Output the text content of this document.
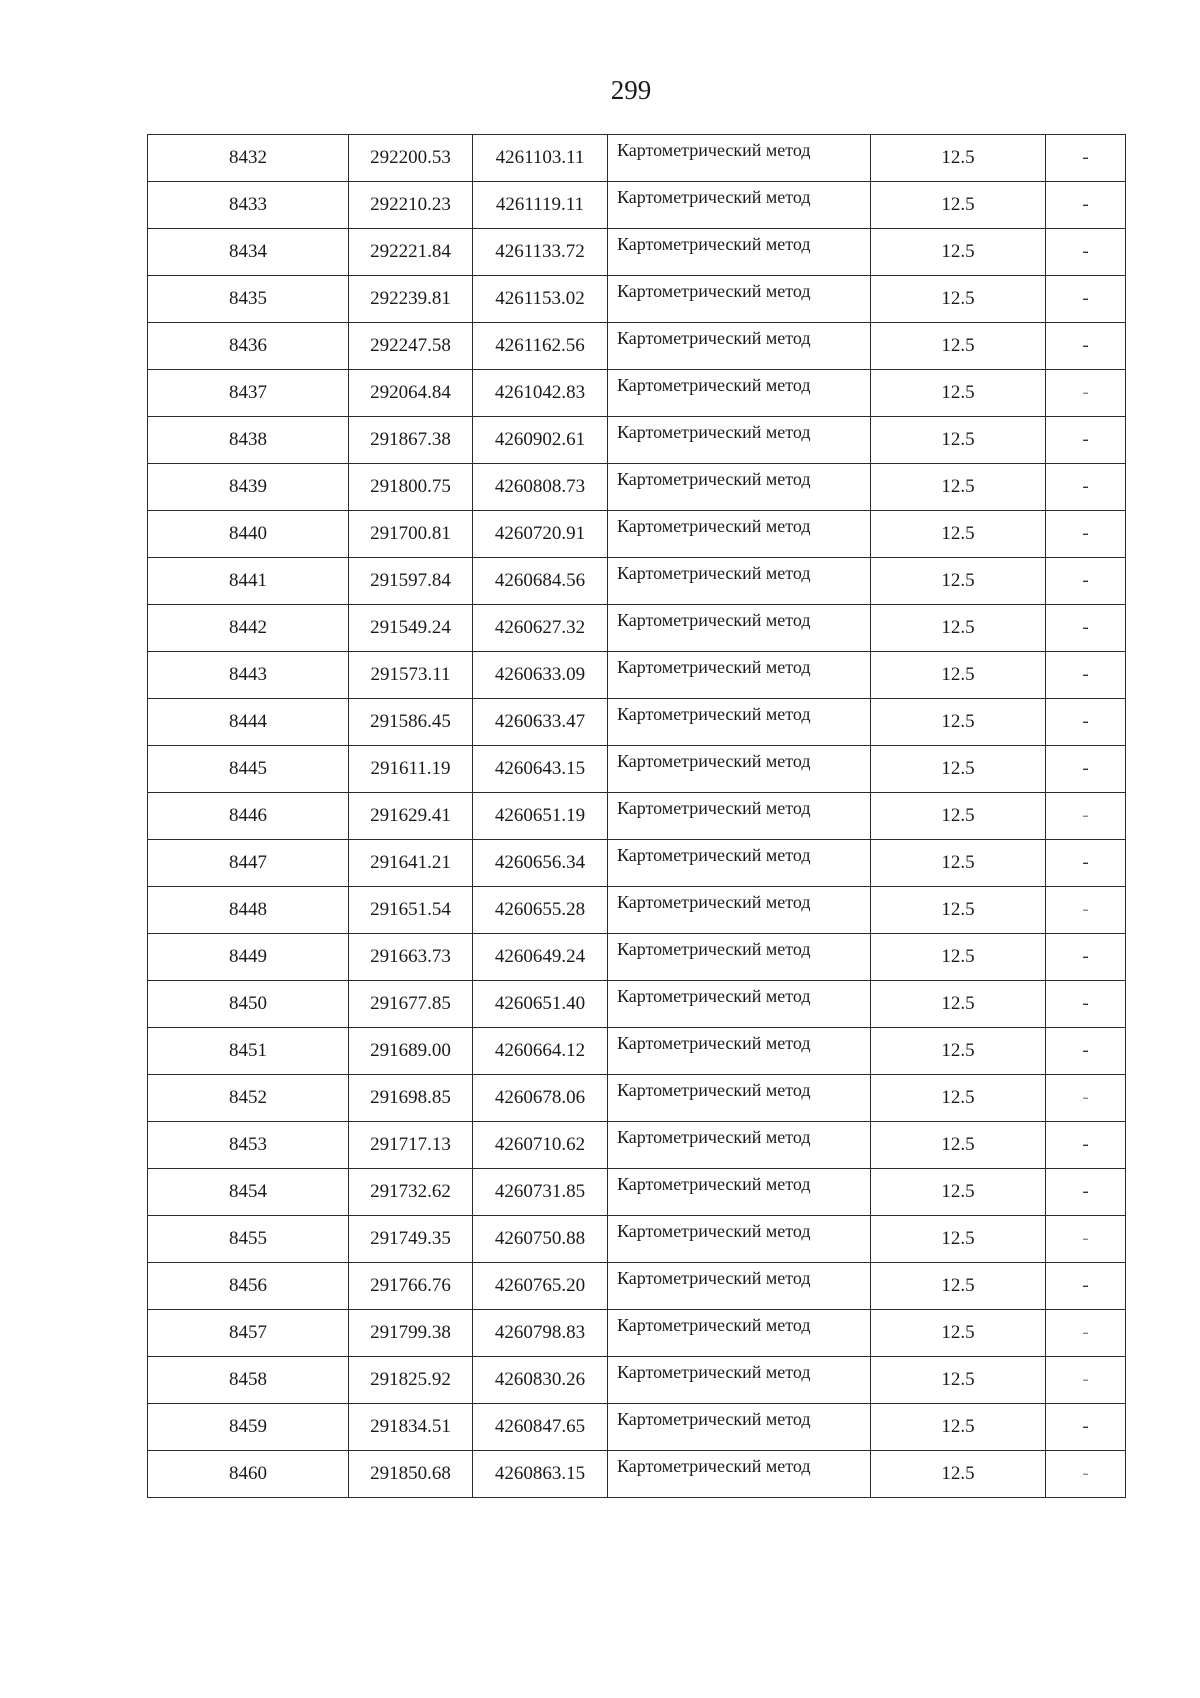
299
8432	292200.53	4261103.11	Картометрический метод	12.5	-
8433	292210.23	4261119.11	Картометрический метод	12.5	-
8434	292221.84	4261133.72	Картометрический метод	12.5	-
8435	292239.81	4261153.02	Картометрический метод	12.5	-
8436	292247.58	4261162.56	Картометрический метод	12.5	-
8437	292064.84	4261042.83	Картометрический метод	12.5	-
8438	291867.38	4260902.61	Картометрический метод	12.5	-
8439	291800.75	4260808.73	Картометрический метод	12.5	-
8440	291700.81	4260720.91	Картометрический метод	12.5	-
8441	291597.84	4260684.56	Картометрический метод	12.5	-
8442	291549.24	4260627.32	Картометрический метод	12.5	-
8443	291573.11	4260633.09	Картометрический метод	12.5	-
8444	291586.45	4260633.47	Картометрический метод	12.5	-
8445	291611.19	4260643.15	Картометрический метод	12.5	-
8446	291629.41	4260651.19	Картометрический метод	12.5	-
8447	291641.21	4260656.34	Картометрический метод	12.5	-
8448	291651.54	4260655.28	Картометрический метод	12.5	-
8449	291663.73	4260649.24	Картометрический метод	12.5	-
8450	291677.85	4260651.40	Картометрический метод	12.5	-
8451	291689.00	4260664.12	Картометрический метод	12.5	-
8452	291698.85	4260678.06	Картометрический метод	12.5	-
8453	291717.13	4260710.62	Картометрический метод	12.5	-
8454	291732.62	4260731.85	Картометрический метод	12.5	-
8455	291749.35	4260750.88	Картометрический метод	12.5	-
8456	291766.76	4260765.20	Картометрический метод	12.5	-
8457	291799.38	4260798.83	Картометрический метод	12.5	-
8458	291825.92	4260830.26	Картометрический метод	12.5	-
8459	291834.51	4260847.65	Картометрический метод	12.5	-
8460	291850.68	4260863.15	Картометрический метод	12.5	-
